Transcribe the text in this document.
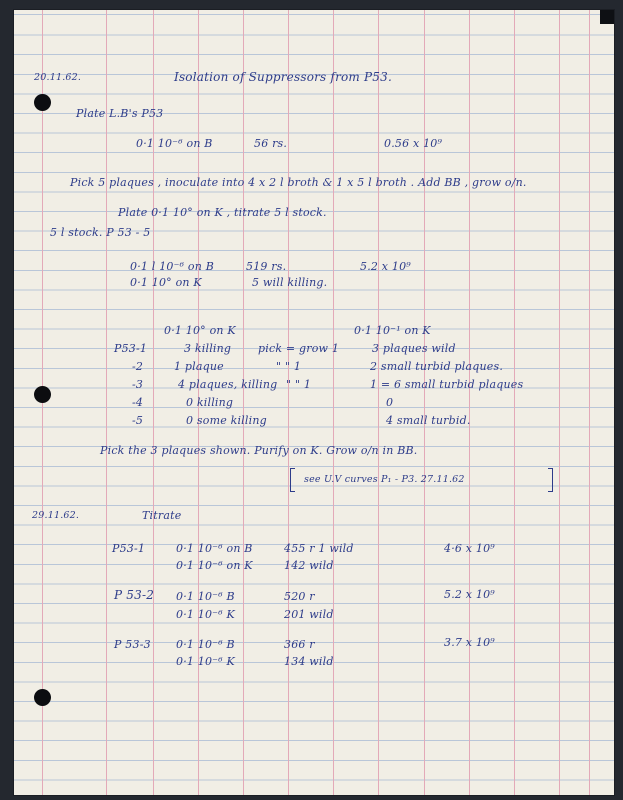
20.11.62.	Isolation of Suppressors from P53.
Plate L.B's P53
0·1 10⁻⁶ on B	56 rs.	0.56 x 10⁹
Pick 5 plaques , inoculate into 4 x 2 l broth & 1 x 5 l broth . Add BB , grow o/n.
Plate 0·1 10° on K , titrate 5 l stock.
5 l stock. P 53 - 5
0·1 l 10⁻⁶ on B	519 rs.	5.2 x 10⁹
0·1 10° on K	5 will killing.
0·1 10° on K	0·1 10⁻¹ on K
P53-1	3 killing pick = grow 1	3 plaques wild
-2	1 plaque	" " 1	2 small turbid plaques.
-3	4 plaques, killing " " 1	1 = 6 small turbid plaques
-4	0 killing	0
-5	0 some killing	4 small turbid.
Pick the 3 plaques shown. Purify on K. Grow o/n in BB.
see U.V curves P₁ - P3. 27.11.62
29.11.62.	Titrate
P53-1	0·1 10⁻⁶ on B	455 r 1 wild	4·6 x 10⁹
0·1 10⁻⁶ on K	142 wild
P 53-2 0·1 10⁻⁶ B	520 r	5.2 x 10⁹
0·1 10⁻⁶ K	201 wild
P 53-3 0·1 10⁻⁶ B	366 r	3.7 x 10⁹
0·1 10⁻⁶ K	134 wild
